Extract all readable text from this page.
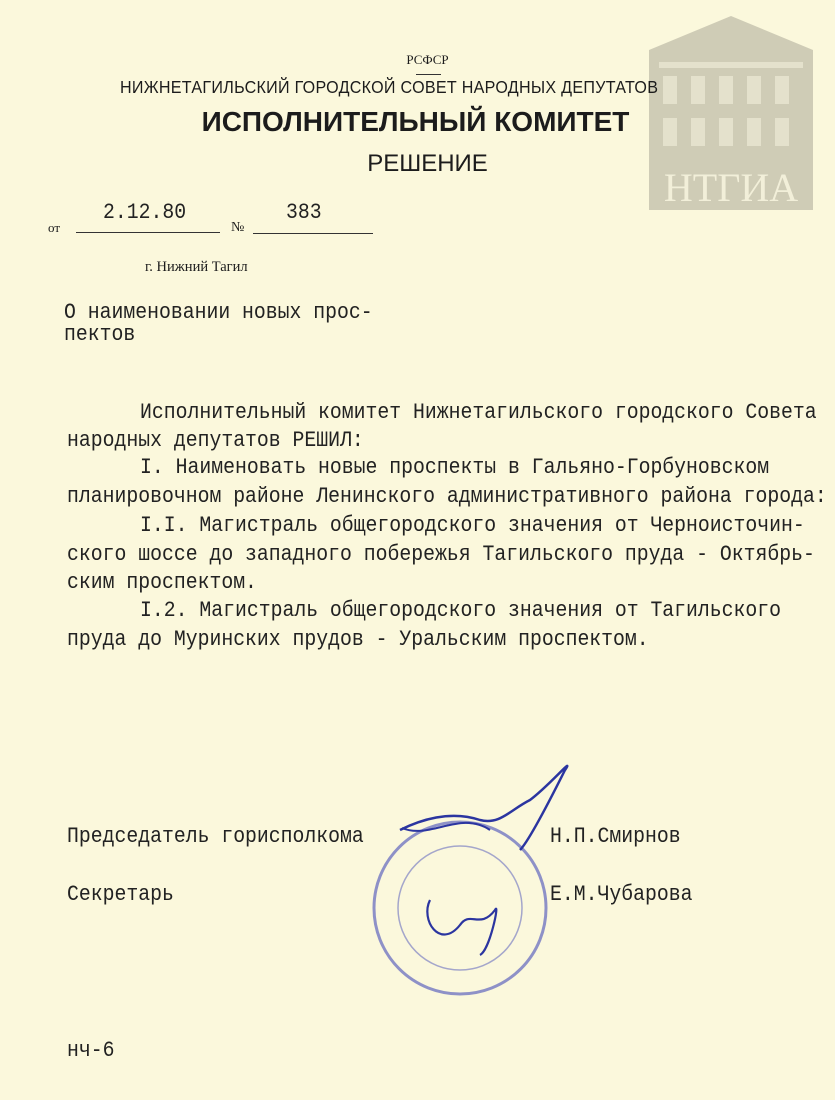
НТГИА
РСФСР
НИЖНЕТАГИЛЬСКИЙ ГОРОДСКОЙ СОВЕТ НАРОДНЫХ ДЕПУТАТОВ
ИСПОЛНИТЕЛЬНЫЙ КОМИТЕТ
РЕШЕНИЕ
от
2.12.80
№
383
г. Нижний Тагил
О наименовании новых прос-
пектов
Исполнительный комитет Нижнетагильского городского Совета
народных депутатов РЕШИЛ:
I. Наименовать новые проспекты в Гальяно-Горбуновском
планировочном районе Ленинского административного района города:
I.I. Магистраль общегородского значения от Черноисточин-
ского шоссе до западного побережья Тагильского пруда - Октябрь-
ским проспектом.
I.2. Магистраль общегородского значения от Тагильского
пруда до Муринских прудов - Уральским проспектом.
Председатель горисполкома	Н.П.Смирнов
Секретарь	Е.М.Чубарова
нч-6
